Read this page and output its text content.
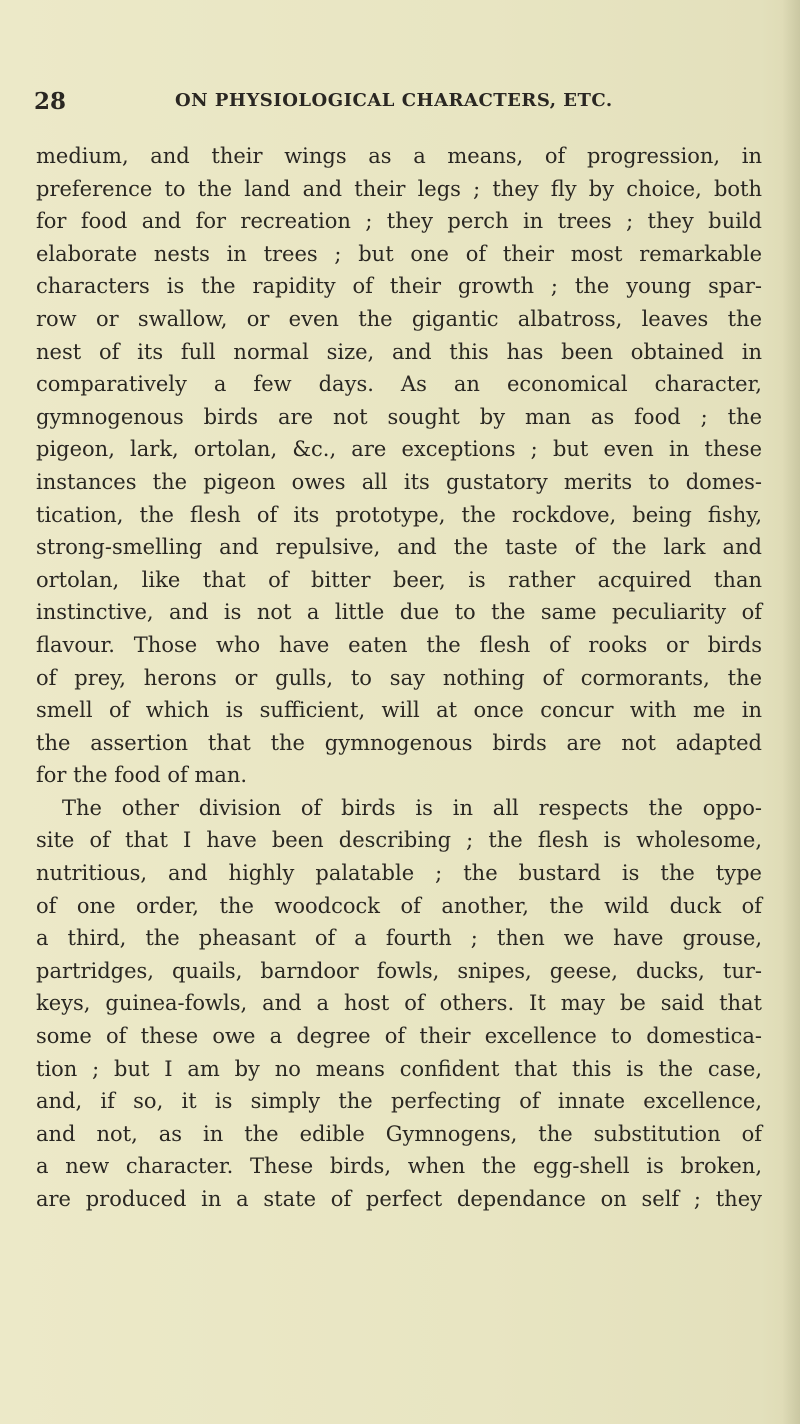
28	ON PHYSIOLOGICAL CHARACTERS, ETC.

medium, and their wings as a means, of progression, in
preference to the land and their legs ; they fly by choice, both
for food and for recreation ; they perch in trees ; they build
elaborate nests in trees ; but one of their most remarkable
characters is the rapidity of their growth ; the young spar-
row or swallow, or even the gigantic albatross, leaves the
nest of its full normal size, and this has been obtained in
comparatively a few days. As an economical character,
gymnogenous birds are not sought by man as food ; the
pigeon, lark, ortolan, &c., are exceptions ; but even in these
instances the pigeon owes all its gustatory merits to domes-
tication, the flesh of its prototype, the rockdove, being fishy,
strong-smelling and repulsive, and the taste of the lark and
ortolan, like that of bitter beer, is rather acquired than
instinctive, and is not a little due to the same peculiarity of
flavour. Those who have eaten the flesh of rooks or birds
of prey, herons or gulls, to say nothing of cormorants, the
smell of which is sufficient, will at once concur with me in
the assertion that the gymnogenous birds are not adapted
for the food of man.
The other division of birds is in all respects the oppo-
site of that I have been describing ; the flesh is wholesome,
nutritious, and highly palatable ; the bustard is the type
of one order, the woodcock of another, the wild duck of
a third, the pheasant of a fourth ; then we have grouse,
partridges, quails, barndoor fowls, snipes, geese, ducks, tur-
keys, guinea-fowls, and a host of others. It may be said that
some of these owe a degree of their excellence to domestica-
tion ; but I am by no means confident that this is the case,
and, if so, it is simply the perfecting of innate excellence,
and not, as in the edible Gymnogens, the substitution of
a new character. These birds, when the egg-shell is broken,
are produced in a state of perfect dependance on self ; they
